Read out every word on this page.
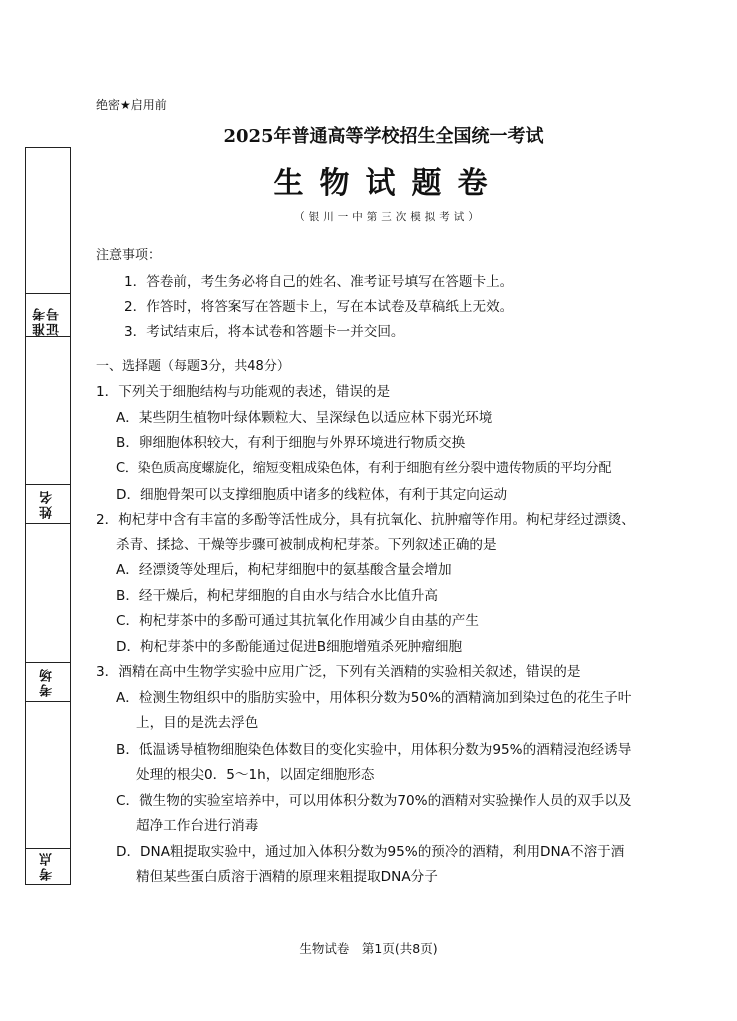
准考证号
姓名
考场
考点
绝密★启用前
2025年普通高等学校招生全国统一考试
生物试题卷
（银川一中第三次模拟考试）
注意事项：
1．答卷前，考生务必将自己的姓名、准考证号填写在答题卡上。
2．作答时，将答案写在答题卡上，写在本试卷及草稿纸上无效。
3．考试结束后，将本试卷和答题卡一并交回。
一、选择题（每题3分，共48分）
1．下列关于细胞结构与功能观的表述，错误的是
A．某些阴生植物叶绿体颗粒大、呈深绿色以适应林下弱光环境
B．卵细胞体积较大，有利于细胞与外界环境进行物质交换
C．染色质高度螺旋化，缩短变粗成染色体，有利于细胞有丝分裂中遗传物质的平均分配
D．细胞骨架可以支撑细胞质中诸多的线粒体，有利于其定向运动
2．枸杞芽中含有丰富的多酚等活性成分，具有抗氧化、抗肿瘤等作用。枸杞芽经过漂烫、
杀青、揉捻、干燥等步骤可被制成枸杞芽茶。下列叙述正确的是
A．经漂烫等处理后，枸杞芽细胞中的氨基酸含量会增加
B．经干燥后，枸杞芽细胞的自由水与结合水比值升高
C．枸杞芽茶中的多酚可通过其抗氧化作用减少自由基的产生
D．枸杞芽茶中的多酚能通过促进B细胞增殖杀死肿瘤细胞
3．酒精在高中生物学实验中应用广泛，下列有关酒精的实验相关叙述，错误的是
A．检测生物组织中的脂肪实验中，用体积分数为50%的酒精滴加到染过色的花生子叶
上，目的是洗去浮色
B．低温诱导植物细胞染色体数目的变化实验中，用体积分数为95%的酒精浸泡经诱导
处理的根尖0．5～1h，以固定细胞形态
C．微生物的实验室培养中，可以用体积分数为70%的酒精对实验操作人员的双手以及
超净工作台进行消毒
D．DNA粗提取实验中，通过加入体积分数为95%的预冷的酒精，利用DNA不溶于酒
精但某些蛋白质溶于酒精的原理来粗提取DNA分子
生物试卷　第1页(共8页)
